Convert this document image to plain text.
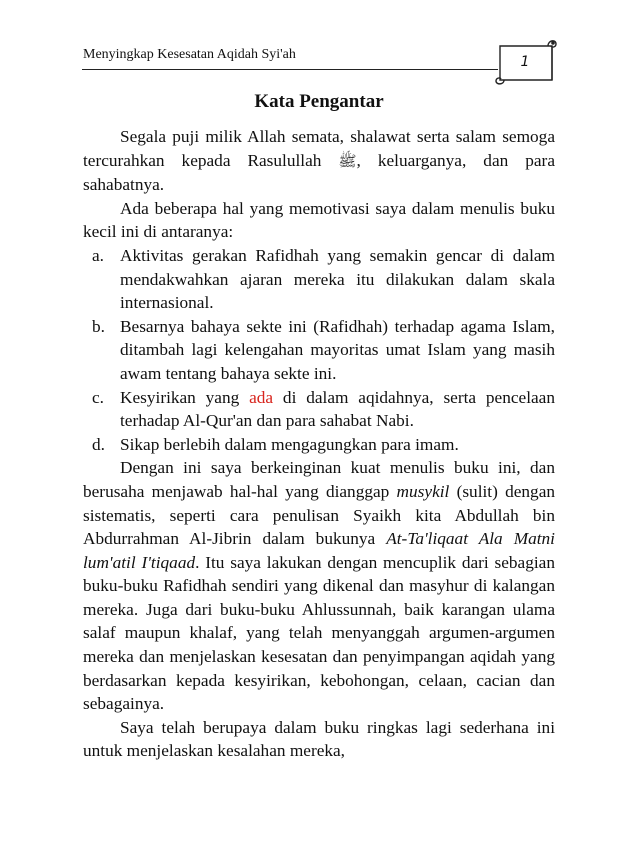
Menyingkap Kesesatan Aqidah Syi'ah	1
Kata Pengantar

Segala puji milik Allah semata, shalawat serta salam semoga tercurahkan kepada Rasulullah ﷺ, keluarganya, dan para sahabatnya.

Ada beberapa hal yang memotivasi saya dalam menulis buku kecil ini di antaranya:

a. Aktivitas gerakan Rafidhah yang semakin gencar di dalam mendakwahkan ajaran mereka itu dilakukan dalam skala internasional.
b. Besarnya bahaya sekte ini (Rafidhah) terhadap agama Islam, ditambah lagi kelengahan mayoritas umat Islam yang masih awam tentang bahaya sekte ini.
c. Kesyirikan yang ada di dalam aqidahnya, serta pencelaan terhadap Al-Qur'an dan para sahabat Nabi.
d. Sikap berlebih dalam mengagungkan para imam.

Dengan ini saya berkeinginan kuat menulis buku ini, dan berusaha menjawab hal-hal yang dianggap musykil (sulit) dengan sistematis, seperti cara penulisan Syaikh kita Abdullah bin Abdurrahman Al-Jibrin dalam bukunya At-Ta'liqaat Ala Matni lum'atil I'tiqaad. Itu saya lakukan dengan mencuplik dari sebagian buku-buku Rafidhah sendiri yang dikenal dan masyhur di kalangan mereka. Juga dari buku-buku Ahlussunnah, baik karangan ulama salaf maupun khalaf, yang telah menyanggah argumen-argumen mereka dan menjelaskan kesesatan dan penyimpangan aqidah yang berdasarkan kepada kesyirikan, kebohongan, celaan, cacian dan sebagainya.

Saya telah berupaya dalam buku ringkas lagi sederhana ini untuk menjelaskan kesalahan mereka,
